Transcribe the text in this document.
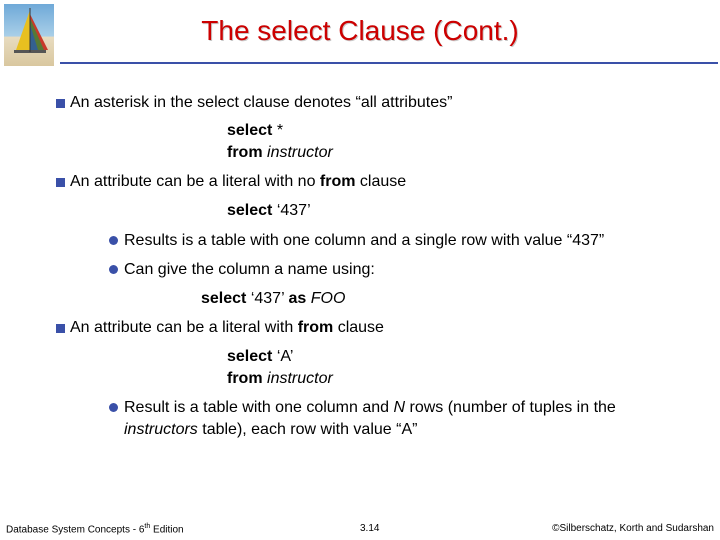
The select Clause (Cont.)
An asterisk in the select clause denotes “all attributes”
select *
from instructor
An attribute can be a literal with no from clause
select ‘437’
Results is a table with one column and a single row with value “437”
Can give the column a name using:
select ‘437’ as FOO
An attribute can be a literal with from clause
select ‘A’
from instructor
Result is a table with one column and N rows (number of tuples in the
instructors table), each row with value “A”
Database System Concepts - 6th Edition	3.14	©Silberschatz, Korth and Sudarshan
